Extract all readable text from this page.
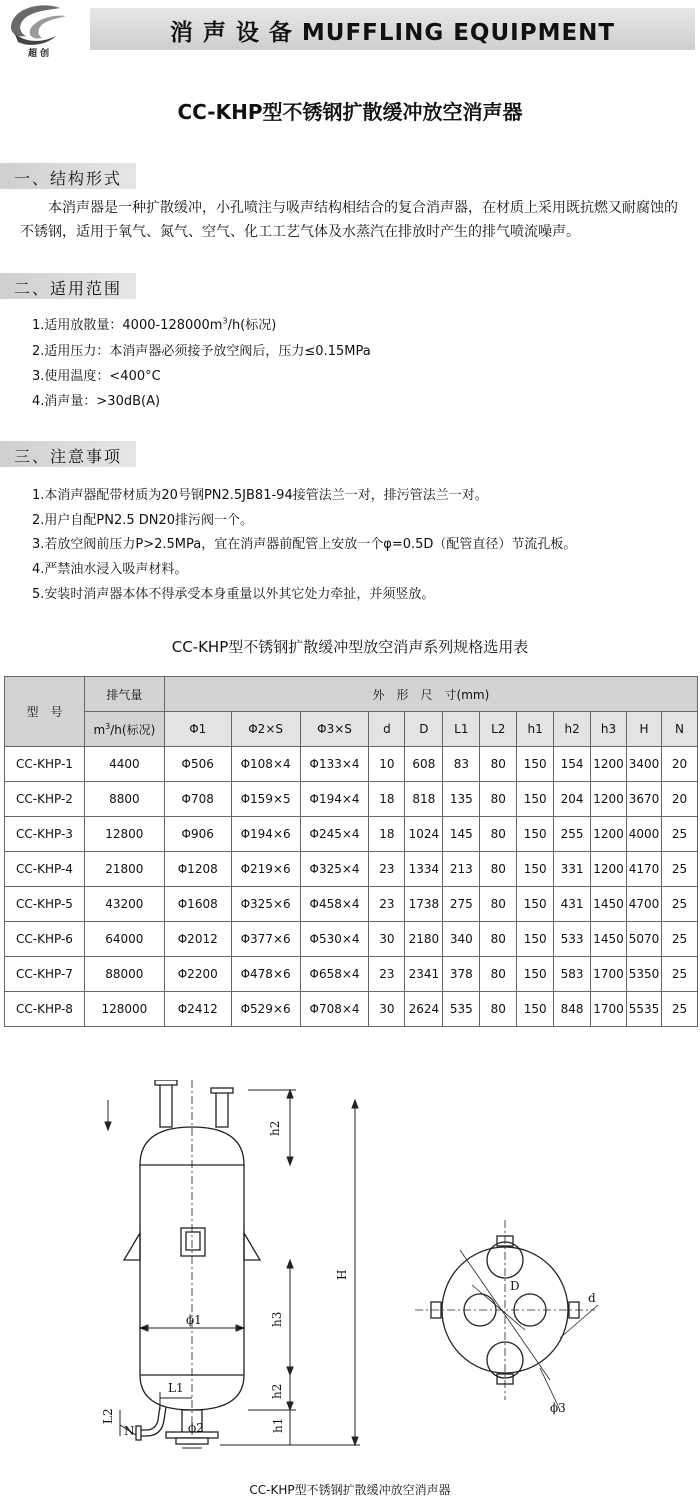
超 创
消 声 设 备 MUFFLING EQUIPMENT
CC-KHP型不锈钢扩散缓冲放空消声器
一、结构形式
本消声器是一种扩散缓冲，小孔喷注与吸声结构相结合的复合消声器，在材质上采用既抗燃又耐腐蚀的不锈钢，适用于氧气、氮气、空气、化工工艺气体及水蒸汽在排放时产生的排气喷流噪声。
二、适用范围
1.适用放散量：$4000-128000m^3/h$(标况)
2.适用压力：本消声器必须接予放空阀后，压力≤0.15MPa
3.使用温度：<400°C
4.消声量：>30dB(A)
三、注意事项
1.本消声器配带材质为20号钢PN2.5JB81-94接管法兰一对，排污管法兰一对。
2.用户自配PN2.5 DN20排污阀一个。
3.若放空阀前压力P>2.5MPa，宜在消声器前配管上安放一个φ=0.5D（配管直径）节流孔板。
4.严禁油水浸入吸声材料。
5.安装时消声器本体不得承受本身重量以外其它处力牵扯，并须竖放。
CC-KHP型不锈钢扩散缓冲型放空消声系列规格选用表
型　号	排气量	外　形　尺　寸(mm)											
	$m^3/h$(标况)	Φ1	Φ2×S	Φ3×S	d	D	L1	L2	h1	h2	h3	H	N
CC-KHP-1	4400	Φ506	Φ108×4	Φ133×4	10	608	83	80	150	154	1200	3400	20
CC-KHP-2	8800	Φ708	Φ159×5	Φ194×4	18	818	135	80	150	204	1200	3670	20
CC-KHP-3	12800	Φ906	Φ194×6	Φ245×4	18	1024	145	80	150	255	1200	4000	25
CC-KHP-4	21800	Φ1208	Φ219×6	Φ325×4	23	1334	213	80	150	331	1200	4170	25
CC-KHP-5	43200	Φ1608	Φ325×6	Φ458×4	23	1738	275	80	150	431	1450	4700	25
CC-KHP-6	64000	Φ2012	Φ377×6	Φ530×4	30	2180	340	80	150	533	1450	5070	25
CC-KHP-7	88000	Φ2200	Φ478×6	Φ658×4	23	2341	378	80	150	583	1700	5350	25
CC-KHP-8	128000	Φ2412	Φ529×6	Φ708×4	30	2624	535	80	150	848	1700	5535	25
h2
H
ϕ1	h3
L1	h2
L2
N	ϕ2	h1
D
d
ϕ3
CC-KHP型不锈钢扩散缓冲放空消声器
